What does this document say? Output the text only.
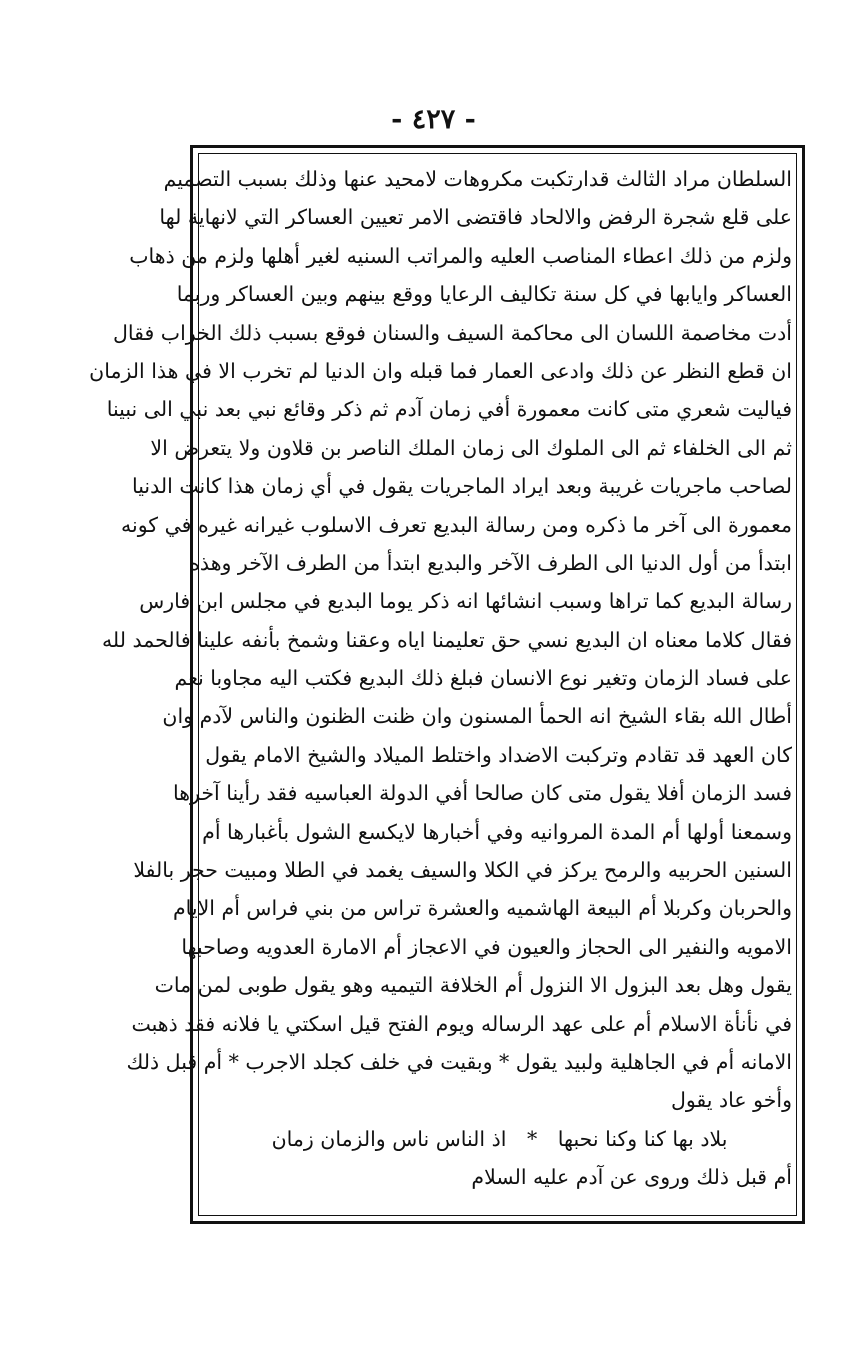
- ٤٢٧ -
السلطان مراد الثالث قدارتكبت مكروهات لامحيد عنها وذلك بسبب التصميم
على قلع شجرة الرفض والالحاد فاقتضى الامر تعيين العساكر التي لانهاية لها
ولزم من ذلك اعطاء المناصب العليه والمراتب السنيه لغير أهلها ولزم من ذهاب
العساكر وايابها في كل سنة تكاليف الرعايا ووقع بينهم وبين العساكر وربما
أدت مخاصمة اللسان الى محاكمة السيف والسنان فوقع بسبب ذلك الخراب فقال
ان قطع النظر عن ذلك وادعى العمار فما قبله وان الدنيا لم تخرب الا في هذا الزمان
فياليت شعري متى كانت معمورة أفي زمان آدم ثم ذكر وقائع نبي بعد نبي الى نبينا
ثم الى الخلفاء ثم الى الملوك الى زمان الملك الناصر بن قلاون ولا يتعرض الا
لصاحب ماجريات غريبة وبعد ايراد الماجريات يقول في أي زمان هذا كانت الدنيا
معمورة الى آخر ما ذكره ومن رسالة البديع تعرف الاسلوب غيرانه غيره في كونه
ابتدأ من أول الدنيا الى الطرف الآخر والبديع ابتدأ من الطرف الآخر وهذه
رسالة البديع كما تراها وسبب انشائها انه ذكر يوما البديع في مجلس ابن فارس
فقال كلاما معناه ان البديع نسي حق تعليمنا اياه وعقنا وشمخ بأنفه علينا فالحمد لله
على فساد الزمان وتغير نوع الانسان فبلغ ذلك البديع فكتب اليه مجاوبا نعم
أطال الله بقاء الشيخ انه الحمأ المسنون وان ظنت الظنون والناس لآدم وان
كان العهد قد تقادم وتركبت الاضداد واختلط الميلاد والشيخ الامام يقول
فسد الزمان أفلا يقول متى كان صالحا أفي الدولة العباسيه فقد رأينا آخرها
وسمعنا أولها أم المدة المروانيه وفي أخبارها لايكسع الشول بأغبارها أم
السنين الحربيه والرمح يركز في الكلا والسيف يغمد في الطلا ومبيت حجر بالفلا
والحربان وكربلا أم البيعة الهاشميه والعشرة تراس من بني فراس أم الايام
الامويه والنفير الى الحجاز والعيون في الاعجاز أم الامارة العدويه وصاحبها
يقول وهل بعد البزول الا النزول أم الخلافة التيميه وهو يقول طوبى لمن مات
في نأنأة الاسلام أم على عهد الرساله ويوم الفتح قيل اسكتي يا فلانه فقد ذهبت
الامانه أم في الجاهلية ولبيد يقول * وبقيت في خلف كجلد الاجرب * أم قبل ذلك
وأخو عاد يقول
بلاد بها كنا وكنا نحبها * اذ الناس ناس والزمان زمان
أم قبل ذلك وروى عن آدم عليه السلام
